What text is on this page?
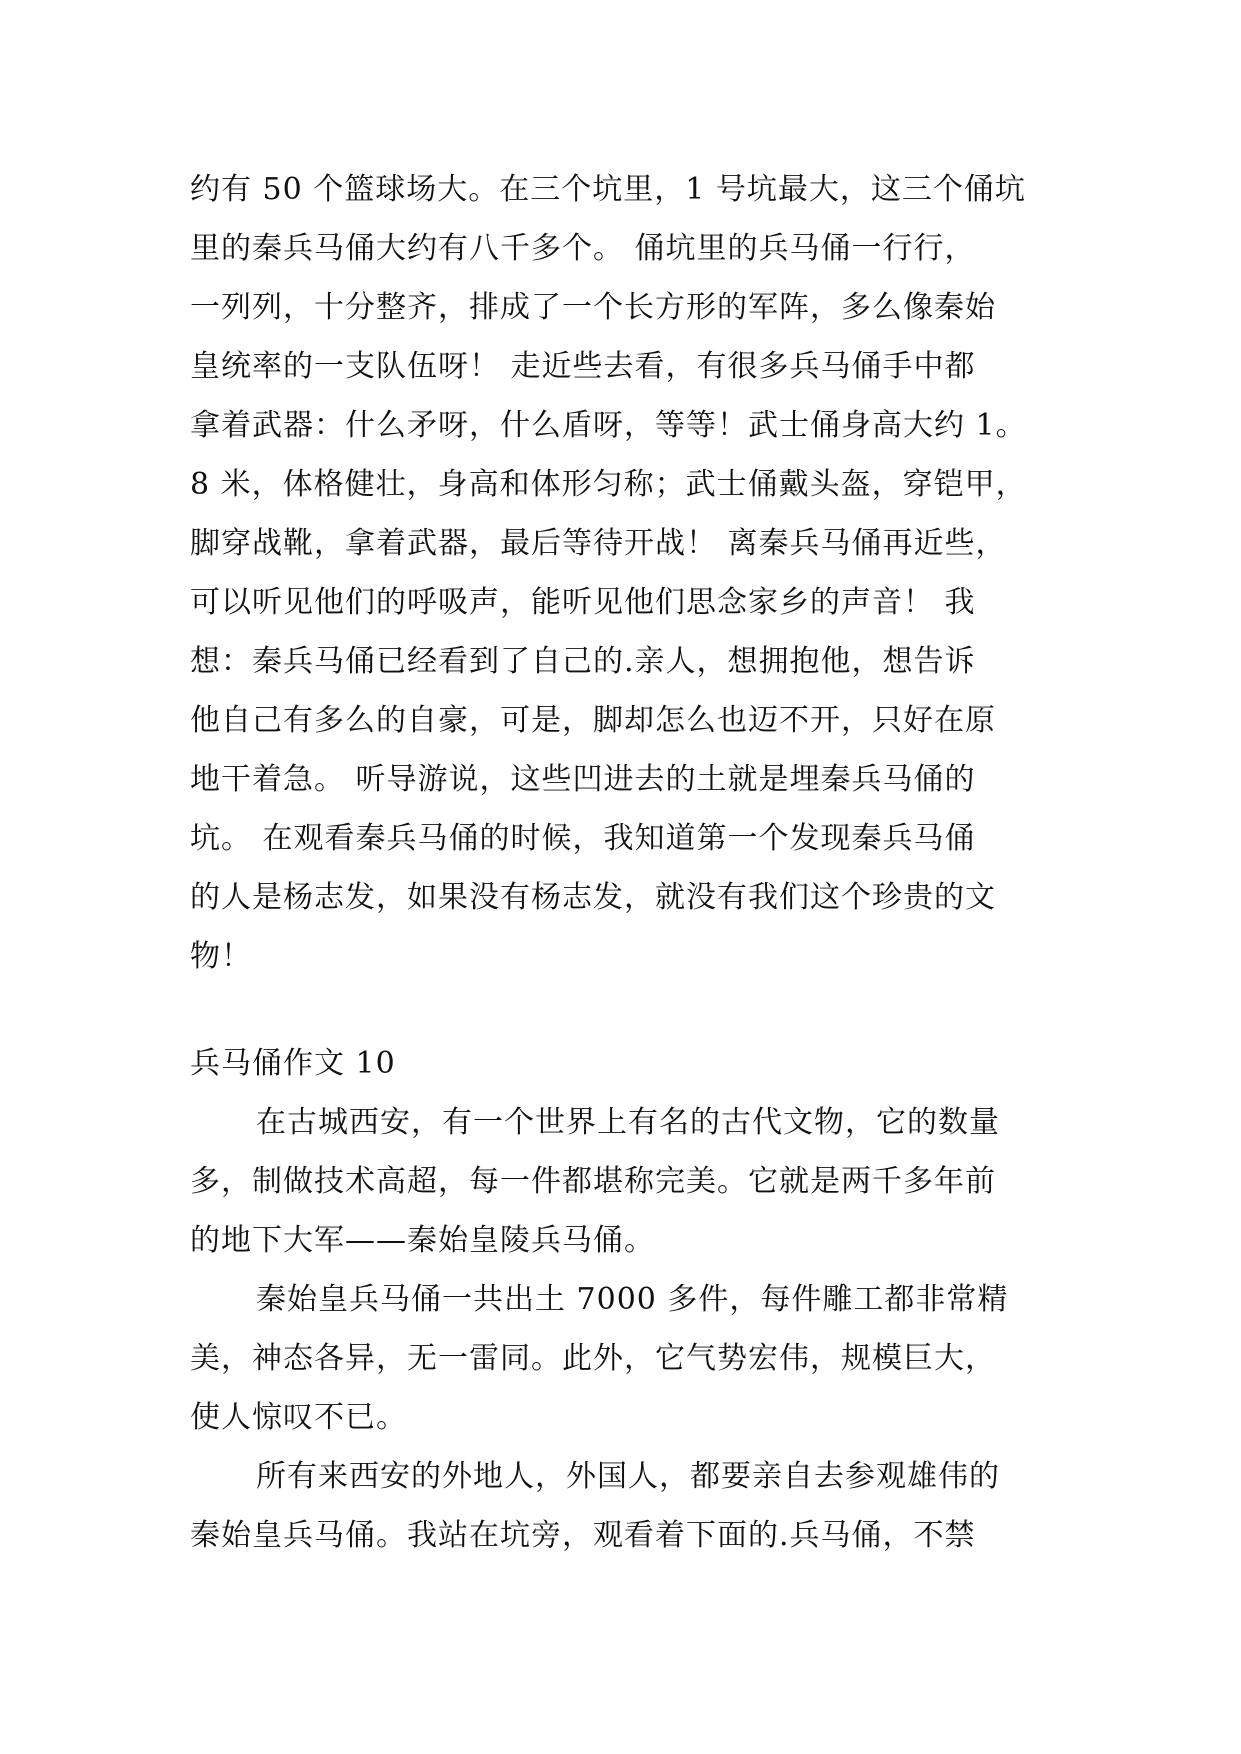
约有 50 个篮球场大。在三个坑里，1 号坑最大，这三个俑坑
里的秦兵马俑大约有八千多个。 俑坑里的兵马俑一行行，
一列列，十分整齐，排成了一个长方形的军阵，多么像秦始
皇统率的一支队伍呀！ 走近些去看，有很多兵马俑手中都
拿着武器：什么矛呀，什么盾呀，等等！武士俑身高大约 1。
8 米，体格健壮，身高和体形匀称；武士俑戴头盔，穿铠甲，
脚穿战靴，拿着武器，最后等待开战！ 离秦兵马俑再近些，
可以听见他们的呼吸声，能听见他们思念家乡的声音！ 我
想：秦兵马俑已经看到了自己的.亲人，想拥抱他，想告诉
他自己有多么的自豪，可是，脚却怎么也迈不开，只好在原
地干着急。 听导游说，这些凹进去的土就是埋秦兵马俑的
坑。 在观看秦兵马俑的时候，我知道第一个发现秦兵马俑
的人是杨志发，如果没有杨志发，就没有我们这个珍贵的文
物！
兵马俑作文 10
在古城西安，有一个世界上有名的古代文物，它的数量
多，制做技术高超，每一件都堪称完美。它就是两千多年前
的地下大军——秦始皇陵兵马俑。
秦始皇兵马俑一共出土 7000 多件，每件雕工都非常精
美，神态各异，无一雷同。此外，它气势宏伟，规模巨大，
使人惊叹不已。
所有来西安的外地人，外国人，都要亲自去参观雄伟的
秦始皇兵马俑。我站在坑旁，观看着下面的.兵马俑，不禁
